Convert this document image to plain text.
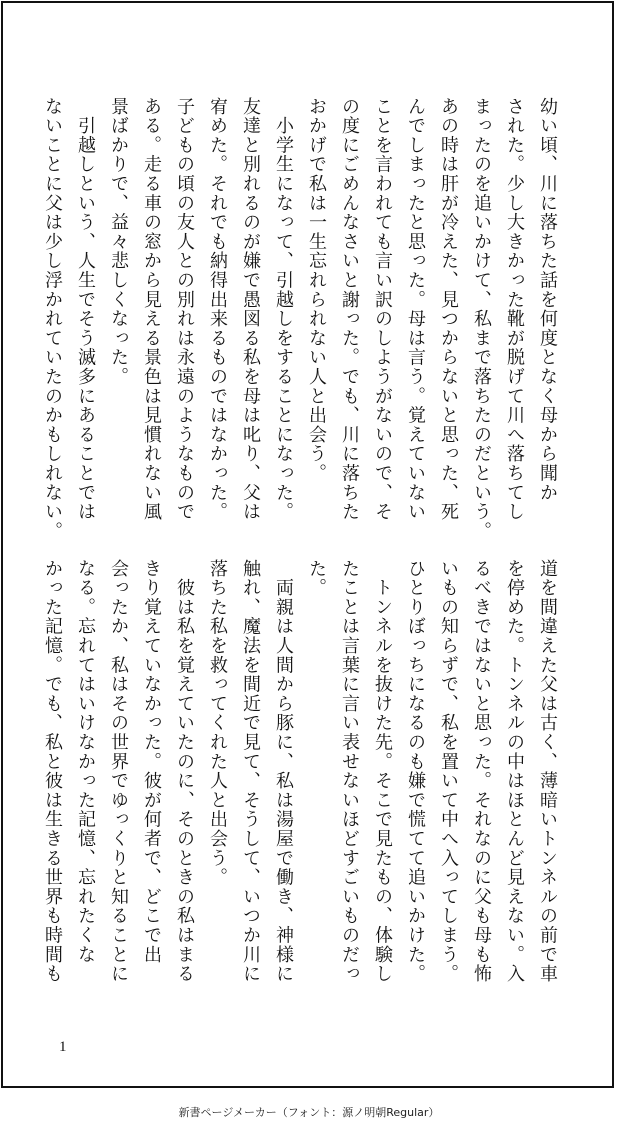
幼い頃、川に落ちた話を何度となく母から聞か

された。少し大きかった靴が脱げて川へ落ちてし

まったのを追いかけて、私まで落ちたのだという。

あの時は肝が冷えた、見つからないと思った、死

んでしまったと思った。母は言う。覚えていない

ことを言われても言い訳のしようがないので、そ

の度にごめんなさいと謝った。でも、川に落ちた

おかげで私は一生忘れられない人と出会う。

　小学生になって、引越しをすることになった。

友達と別れるのが嫌で愚図る私を母は叱り、父は

宥めた。それでも納得出来るものではなかった。

子どもの頃の友人との別れは永遠のようなもので

ある。走る車の窓から見える景色は見慣れない風

景ばかりで、益々悲しくなった。

　引越しという、人生でそう滅多にあることでは

ないことに父は少し浮かれていたのかもしれない。

道を間違えた父は古く、薄暗いトンネルの前で車

を停めた。トンネルの中はほとんど見えない。入

るべきではないと思った。それなのに父も母も怖

いもの知らずで、私を置いて中へ入ってしまう。

ひとりぼっちになるのも嫌で慌てて追いかけた。

　トンネルを抜けた先。そこで見たもの、体験し

たことは言葉に言い表せないほどすごいものだっ

た。

　両親は人間から豚に、私は湯屋で働き、神様に

触れ、魔法を間近で見て、そうして、いつか川に

落ちた私を救ってくれた人と出会う。

　彼は私を覚えていたのに、そのときの私はまる

きり覚えていなかった。彼が何者で、どこで出

会ったか、私はその世界でゆっくりと知ることに

なる。忘れてはいけなかった記憶、忘れたくな

かった記憶。でも、私と彼は生きる世界も時間も

1
新書ページメーカー（フォント：源ノ明朝Regular）
